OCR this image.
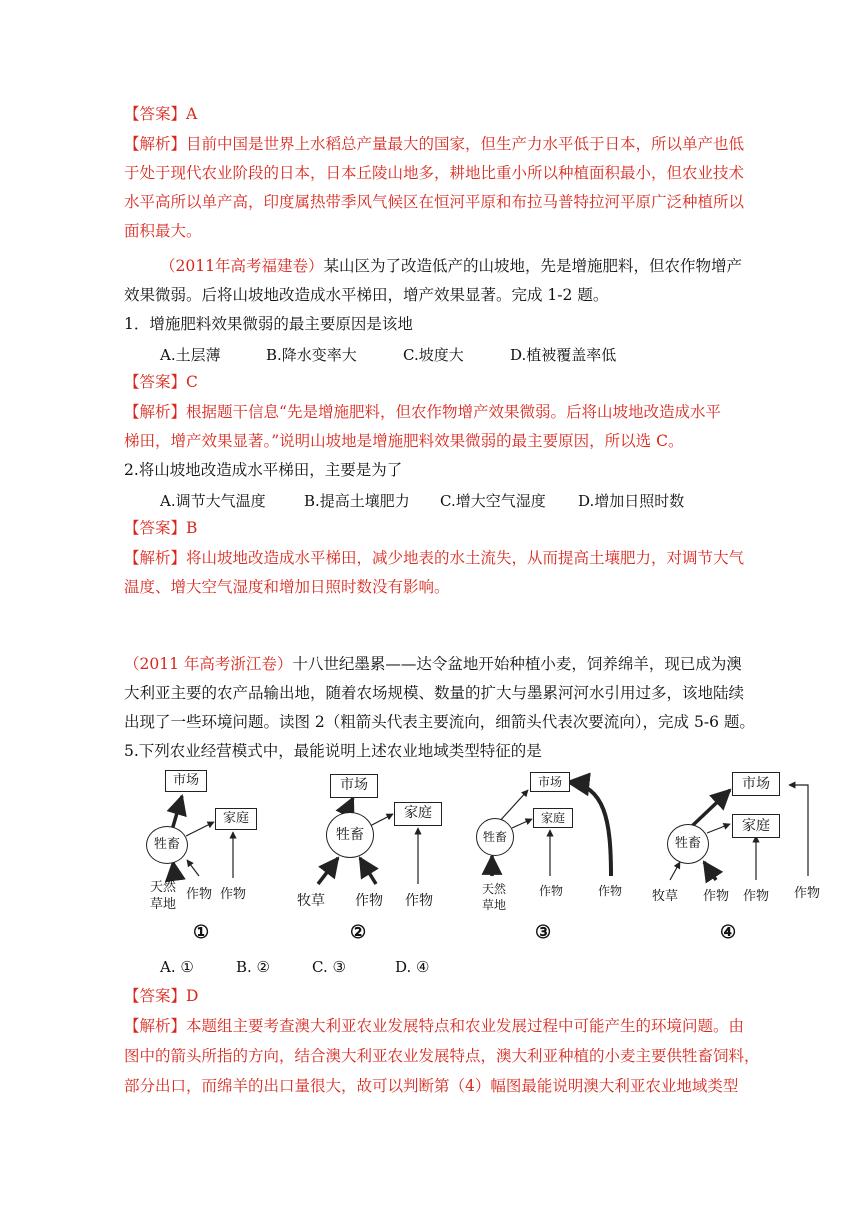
【答案】A
【解析】目前中国是世界上水稻总产量最大的国家，但生产力水平低于日本，所以单产也低
于处于现代农业阶段的日本，日本丘陵山地多，耕地比重小所以种植面积最小，但农业技术
水平高所以单产高，印度属热带季风气候区在恒河平原和布拉马普特拉河平原广泛种植所以
面积最大。
（2011年高考福建卷）某山区为了改造低产的山坡地，先是增施肥料，但农作物增产
效果微弱。后将山坡地改造成水平梯田，增产效果显著。完成 1-2 题。
1．增施肥料效果微弱的最主要原因是该地
A.土层薄	B.降水变率大	C.坡度大	D.植被覆盖率低
【答案】C
【解析】根据题干信息“先是增施肥料，但农作物增产效果微弱。后将山坡地改造成水平
梯田，增产效果显著。”说明山坡地是增施肥料效果微弱的最主要原因，所以选 C。
2.将山坡地改造成水平梯田，主要是为了
A.调节大气温度	B.提高土壤肥力 C.增大空气湿度 D.增加日照时数
【答案】B
【解析】将山坡地改造成水平梯田，减少地表的水土流失，从而提高土壤肥力，对调节大气
温度、增大空气湿度和增加日照时数没有影响。
（2011 年高考浙江卷）十八世纪墨累——达令盆地开始种植小麦，饲养绵羊，现已成为澳
大利亚主要的农产品输出地，随着农场规模、数量的扩大与墨累河河水引用过多，该地陆续
出现了一些环境问题。读图 2（粗箭头代表主要流向，细箭头代表次要流向），完成 5-6 题。
5.下列农业经营模式中，最能说明上述农业地域类型特征的是
市场
家庭
牲畜
天然
草地
作物 作物
市场
家庭
牲畜
牧草 作物 作物
市场
家庭
牲畜
天然
草地
作物	作物
市场
家庭
牲畜
牧草 作物 作物 作物
①	②	③	④
A. ①	B. ②	C. ③	D. ④
【答案】D
【解析】本题组主要考查澳大利亚农业发展特点和农业发展过程中可能产生的环境问题。由
图中的箭头所指的方向，结合澳大利亚农业发展特点，澳大利亚种植的小麦主要供牲畜饲料，
部分出口，而绵羊的出口量很大，故可以判断第（4）幅图最能说明澳大利亚农业地域类型
